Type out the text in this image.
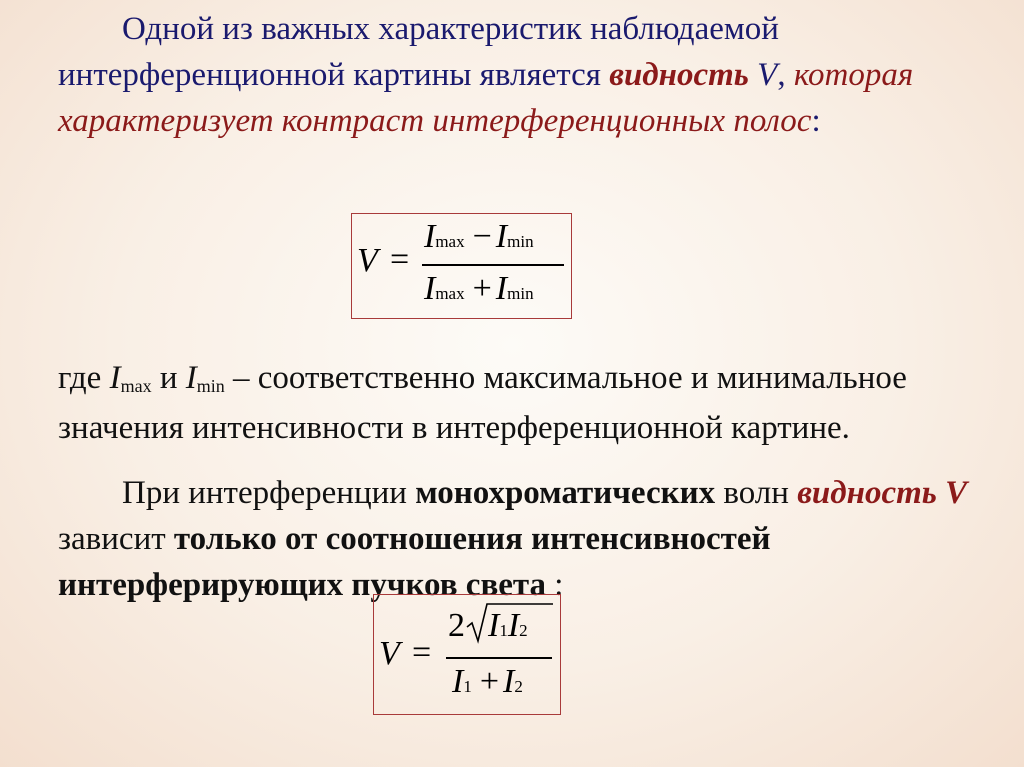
Одной из важных характеристик наблюдаемой интерференционной картины является видность V, которая характеризует контраст интерференционных полос:

V =
Imax − Imin
Imax + Imin

где Imax и Imin – соответственно максимальное и минимальное значения интенсивности в интерференционной картине.

При интерференции монохроматических волн видность V зависит только от соотношения интенсивностей интерферирующих пучков света :

V =
2 I1I2
I1 + I2
